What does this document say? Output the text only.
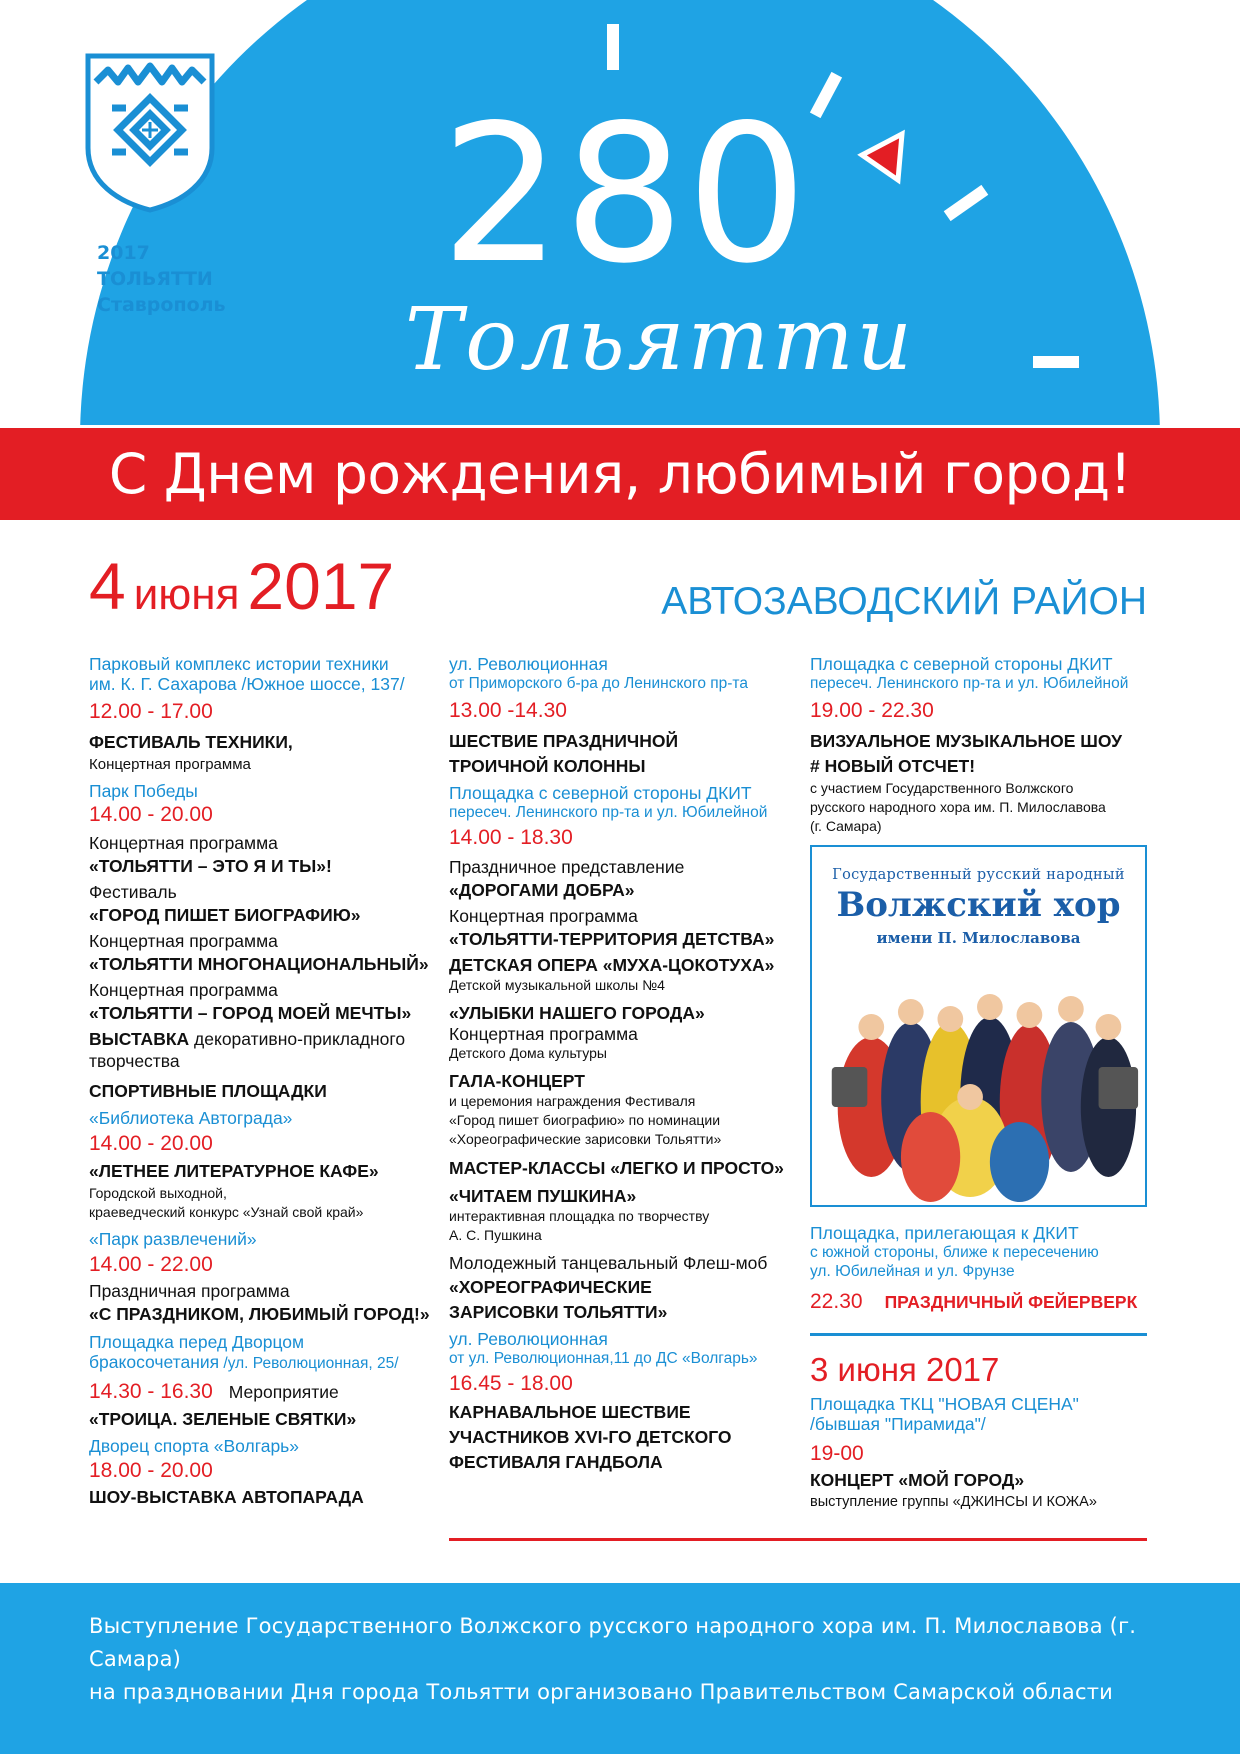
2017
ТОЛЬЯТТИ
Ставрополь	280
Тольятти
С Днем рождения, любимый город!
4 июня 2017	АВТОЗАВОДСКИЙ РАЙОН
Парковый комплекс истории техники
им. К. Г. Сахарова /Южное шоссе, 137/
12.00 - 17.00
ФЕСТИВАЛЬ ТЕХНИКИ,
Концертная программа
Парк Победы
14.00 - 20.00
Концертная программа
«ТОЛЬЯТТИ – ЭТО Я И ТЫ»!
Фестиваль
«ГОРОД ПИШЕТ БИОГРАФИЮ»
Концертная программа
«ТОЛЬЯТТИ МНОГОНАЦИОНАЛЬНЫЙ»
Концертная программа
«ТОЛЬЯТТИ – ГОРОД МОЕЙ МЕЧТЫ»
ВЫСТАВКА декоративно-прикладного творчества
СПОРТИВНЫЕ ПЛОЩАДКИ
«Библиотека Автограда»
14.00 - 20.00
«ЛЕТНЕЕ ЛИТЕРАТУРНОЕ КАФЕ»
Городской выходной,
краеведческий конкурс «Узнай свой край»
«Парк развлечений»
14.00 - 22.00
Праздничная программа
«С ПРАЗДНИКОМ, ЛЮБИМЫЙ ГОРОД!»
Площадка перед Дворцом
бракосочетания /ул. Революционная, 25/
14.30 - 16.30 Мероприятие
«ТРОИЦА. ЗЕЛЕНЫЕ СВЯТКИ»
Дворец спорта «Волгарь»
18.00 - 20.00
ШОУ-ВЫСТАВКА АВТОПАРАДА
ул. Революционная
от Приморского б-ра до Ленинского пр-та
13.00 -14.30
ШЕСТВИЕ ПРАЗДНИЧНОЙ
ТРОИЧНОЙ КОЛОННЫ
Площадка с северной стороны ДКИТ
пересеч. Ленинского пр-та и ул. Юбилейной
14.00 - 18.30
Праздничное представление
«ДОРОГАМИ ДОБРА»
Концертная программа
«ТОЛЬЯТТИ-ТЕРРИТОРИЯ ДЕТСТВА»
ДЕТСКАЯ ОПЕРА «МУХА-ЦОКОТУХА»
Детской музыкальной школы №4
«УЛЫБКИ НАШЕГО ГОРОДА»
Концертная программа
Детского Дома культуры
ГАЛА-КОНЦЕРТ
и церемония награждения Фестиваля
«Город пишет биографию» по номинации
«Хореографические зарисовки Тольятти»
МАСТЕР-КЛАССЫ «ЛЕГКО И ПРОСТО»
«ЧИТАЕМ ПУШКИНА»
интерактивная площадка по творчеству
А. С. Пушкина
Молодежный танцевальный Флеш-моб
«ХОРЕОГРАФИЧЕСКИЕ
ЗАРИСОВКИ ТОЛЬЯТТИ»
ул. Революционная
от ул. Революционная,11 до ДС «Волгарь»
16.45 - 18.00
КАРНАВАЛЬНОЕ ШЕСТВИЕ
УЧАСТНИКОВ XVI-ГО ДЕТСКОГО
ФЕСТИВАЛЯ ГАНДБОЛА
Площадка с северной стороны ДКИТ
пересеч. Ленинского пр-та и ул. Юбилейной
19.00 - 22.30
ВИЗУАЛЬНОЕ МУЗЫКАЛЬНОЕ ШОУ
# НОВЫЙ ОТСЧЕТ!
с участием Государственного Волжского
русского народного хора им. П. Милославова
(г. Самара)
Государственный русский народный
Волжский хор
имени П. Милославова
Площадка, прилегающая к ДКИТ
с южной стороны, ближе к пересечению
ул. Юбилейная и ул. Фрунзе
22.30 ПРАЗДНИЧНЫЙ ФЕЙЕРВЕРК
3 июня 2017
Площадка ТКЦ "НОВАЯ СЦЕНА"
/бывшая "Пирамида"/
19-00
КОНЦЕРТ «МОЙ ГОРОД»
выступление группы «ДЖИНСЫ И КОЖА»
Выступление Государственного Волжского русского народного хора им. П. Милославова (г. Самара)
на праздновании Дня города Тольятти организовано Правительством Самарской области
